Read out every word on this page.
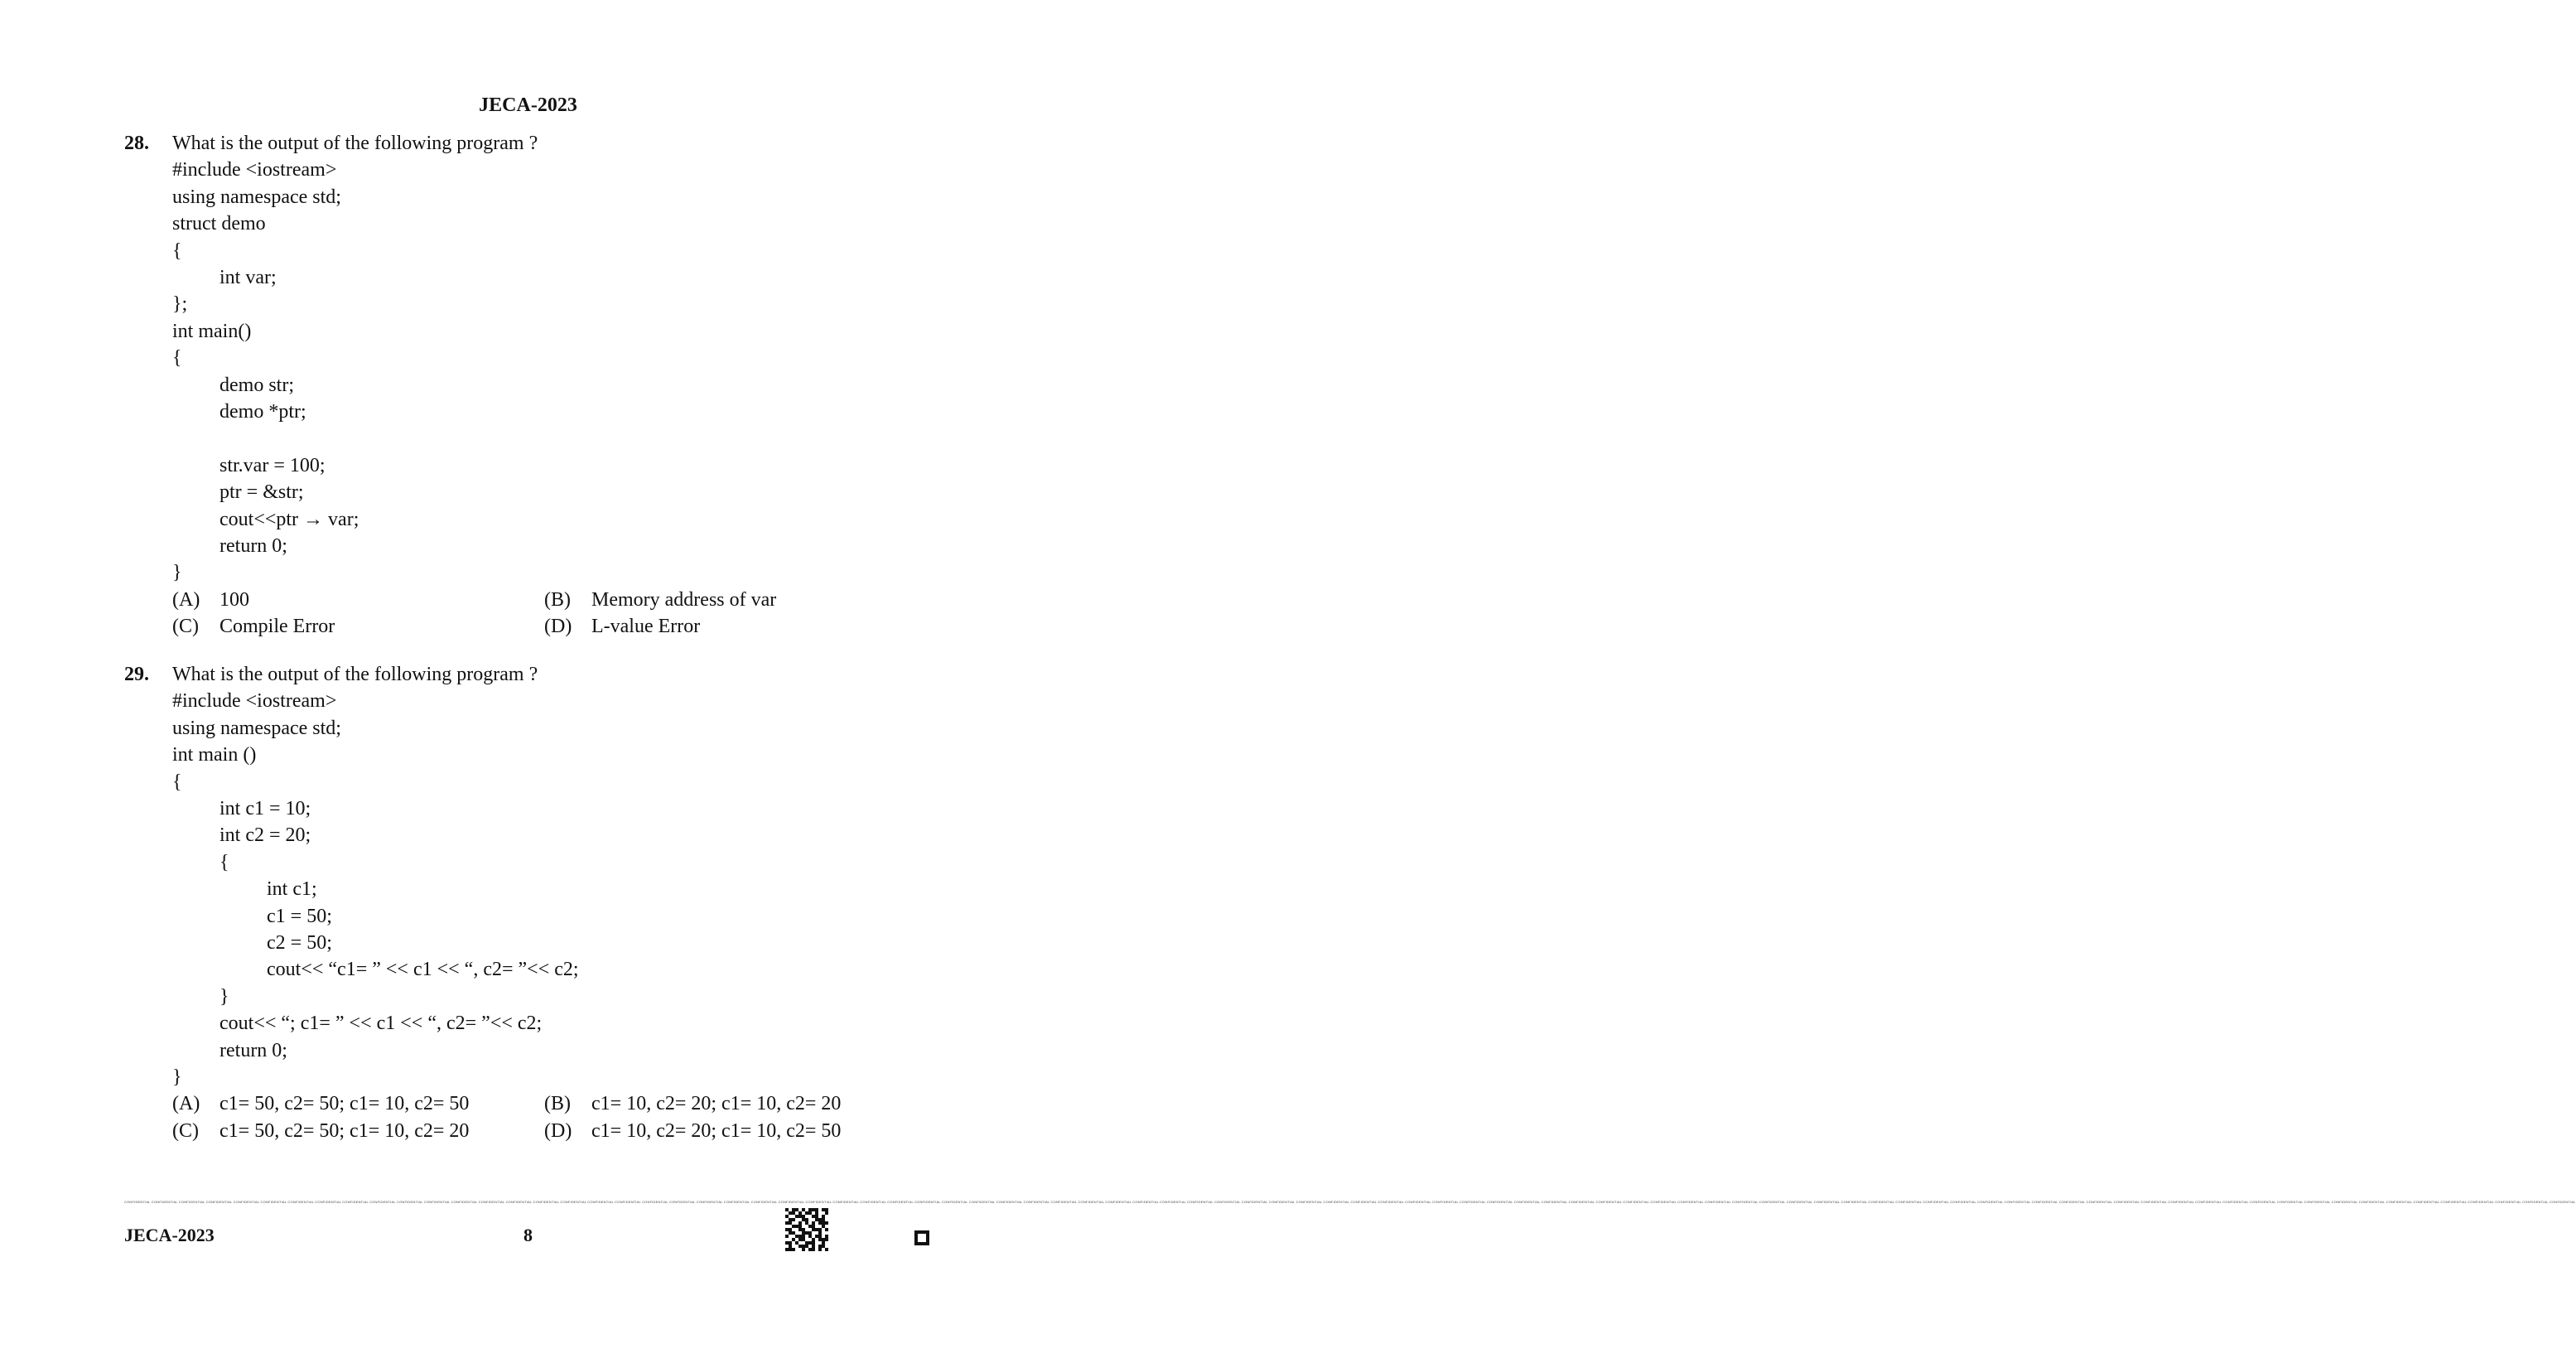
JECA-2023
28. What is the output of the following program ?
#include <iostream>
using namespace std;
struct demo
{
int var;
};
int main()
{
demo str;
demo *ptr;
str.var = 100;
ptr = &str;
cout<<ptr → var;
return 0;
}
(A) 100	(B) Memory address of var
(C) Compile Error	(D) L-value Error
29. What is the output of the following program ?
#include <iostream>
using namespace std;
int main ()
{
int c1 = 10;
int c2 = 20;
{
int c1;
c1 = 50;
c2 = 50;
cout<< “c1= ” << c1 << “, c2= ”<< c2;
}
cout<< “; c1= ” << c1 << “, c2= ”<< c2;
return 0;
}
(A) c1= 50, c2= 50; c1= 10, c2= 50	(B) c1= 10, c2= 20; c1= 10, c2= 20
(C) c1= 50, c2= 50; c1= 10, c2= 20	(D) c1= 10, c2= 20; c1= 10, c2= 50
CONFIDENTIAL CONFIDENTIAL CONFIDENTIAL CONFIDENTIAL CONFIDENTIAL CONFIDENTIAL CONFIDENTIAL CONFIDENTIAL CONFIDENTIAL CONFIDENTIAL CONFIDENTIAL CONFIDENTIAL CONFIDENTIAL CONFIDENTIAL CONFIDENTIAL CONFIDENTIAL CONFIDENTIAL CONFIDENTIAL CONFIDENTIAL CONFIDENTIAL CONFIDENTIAL CONFIDENTIAL CONFIDENTIAL CONFIDENTIAL CONFIDENTIAL CONFIDENTIAL CONFIDENTIAL CONFIDENTIAL CONFIDENTIAL CONFIDENTIAL CONFIDENTIAL CONFIDENTIAL CONFIDENTIAL CONFIDENTIAL CONFIDENTIAL CONFIDENTIAL CONFIDENTIAL CONFIDENTIAL CONFIDENTIAL CONFIDENTIAL CONFIDENTIAL CONFIDENTIAL CONFIDENTIAL CONFIDENTIAL CONFIDENTIAL CONFIDENTIAL CONFIDENTIAL CONFIDENTIAL CONFIDENTIAL CONFIDENTIAL CONFIDENTIAL CONFIDENTIAL CONFIDENTIAL CONFIDENTIAL CONFIDENTIAL CONFIDENTIAL CONFIDENTIAL CONFIDENTIAL CONFIDENTIAL CONFIDENTIAL CONFIDENTIAL CONFIDENTIAL CONFIDENTIAL CONFIDENTIAL CONFIDENTIAL CONFIDENTIAL CONFIDENTIAL CONFIDENTIAL CONFIDENTIAL CONFIDENTIAL CONFIDENTIAL CONFIDENTIAL CONFIDENTIAL CONFIDENTIAL CONFIDENTIAL CONFIDENTIAL CONFIDENTIAL CONFIDENTIAL CONFIDENTIAL CONFIDENTIAL CONFIDENTIAL CONFIDENTIAL CONFIDENTIAL CONFIDENTIAL CONFIDENTIAL CONFIDENTIAL CONFIDENTIAL CONFIDENTIAL CONFIDENTIAL CONFIDENTIAL
JECA-2023	8
